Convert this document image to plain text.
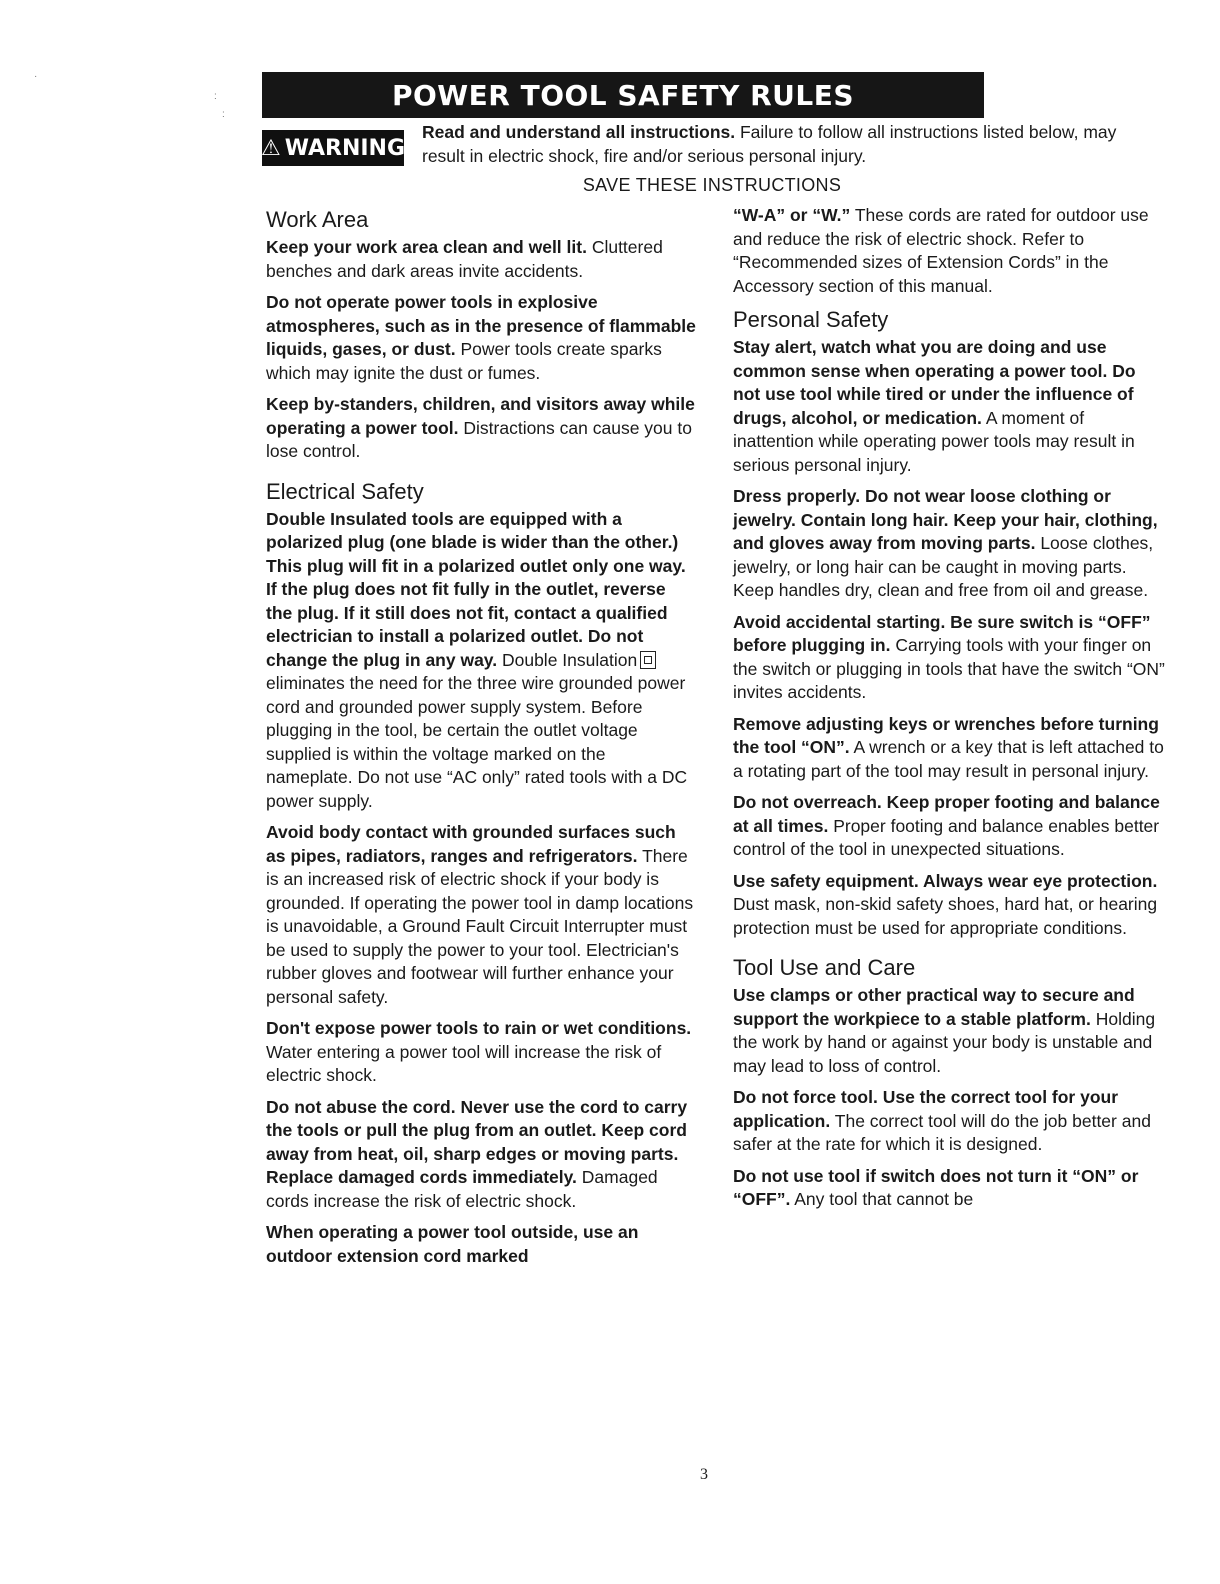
·
:
:
POWER TOOL SAFETY RULES
⚠ WARNING
Read and understand all instructions. Failure to follow all instructions listed below, may result in electric shock, fire and/or serious personal injury.
SAVE THESE INSTRUCTIONS
Work Area

Keep your work area clean and well lit. Cluttered benches and dark areas invite accidents.

Do not operate power tools in explosive atmospheres, such as in the presence of flammable liquids, gases, or dust. Power tools create sparks which may ignite the dust or fumes.

Keep by-standers, children, and visitors away while operating a power tool. Distractions can cause you to lose control.

Electrical Safety

Double Insulated tools are equipped with a polarized plug (one blade is wider than the other.) This plug will fit in a polarized outlet only one way. If the plug does not fit fully in the outlet, reverse the plug. If it still does not fit, contact a qualified electrician to install a polarized outlet. Do not change the plug in any way. Double Insulation eliminates the need for the three wire grounded power cord and grounded power supply system. Before plugging in the tool, be certain the outlet voltage supplied is within the voltage marked on the nameplate. Do not use “AC only” rated tools with a DC power supply.

Avoid body contact with grounded surfaces such as pipes, radiators, ranges and refrigerators. There is an increased risk of electric shock if your body is grounded. If operating the power tool in damp locations is unavoidable, a Ground Fault Circuit Interrupter must be used to supply the power to your tool. Electrician's rubber gloves and footwear will further enhance your personal safety.

Don't expose power tools to rain or wet conditions. Water entering a power tool will increase the risk of electric shock.

Do not abuse the cord. Never use the cord to carry the tools or pull the plug from an outlet. Keep cord away from heat, oil, sharp edges or moving parts. Replace damaged cords immediately. Damaged cords increase the risk of electric shock.

When operating a power tool outside, use an outdoor extension cord marked

“W-A” or “W.” These cords are rated for outdoor use and reduce the risk of electric shock. Refer to “Recommended sizes of Extension Cords” in the Accessory section of this manual.

Personal Safety

Stay alert, watch what you are doing and use common sense when operating a power tool. Do not use tool while tired or under the influence of drugs, alcohol, or medication. A moment of inattention while operating power tools may result in serious personal injury.

Dress properly. Do not wear loose clothing or jewelry. Contain long hair. Keep your hair, clothing, and gloves away from moving parts. Loose clothes, jewelry, or long hair can be caught in moving parts. Keep handles dry, clean and free from oil and grease.

Avoid accidental starting. Be sure switch is “OFF” before plugging in. Carrying tools with your finger on the switch or plugging in tools that have the switch “ON” invites accidents.

Remove adjusting keys or wrenches before turning the tool “ON”. A wrench or a key that is left attached to a rotating part of the tool may result in personal injury.

Do not overreach. Keep proper footing and balance at all times. Proper footing and balance enables better control of the tool in unexpected situations.

Use safety equipment. Always wear eye protection. Dust mask, non-skid safety shoes, hard hat, or hearing protection must be used for appropriate conditions.

Tool Use and Care

Use clamps or other practical way to secure and support the workpiece to a stable platform. Holding the work by hand or against your body is unstable and may lead to loss of control.

Do not force tool. Use the correct tool for your application. The correct tool will do the job better and safer at the rate for which it is designed.

Do not use tool if switch does not turn it “ON” or “OFF”. Any tool that cannot be

3
